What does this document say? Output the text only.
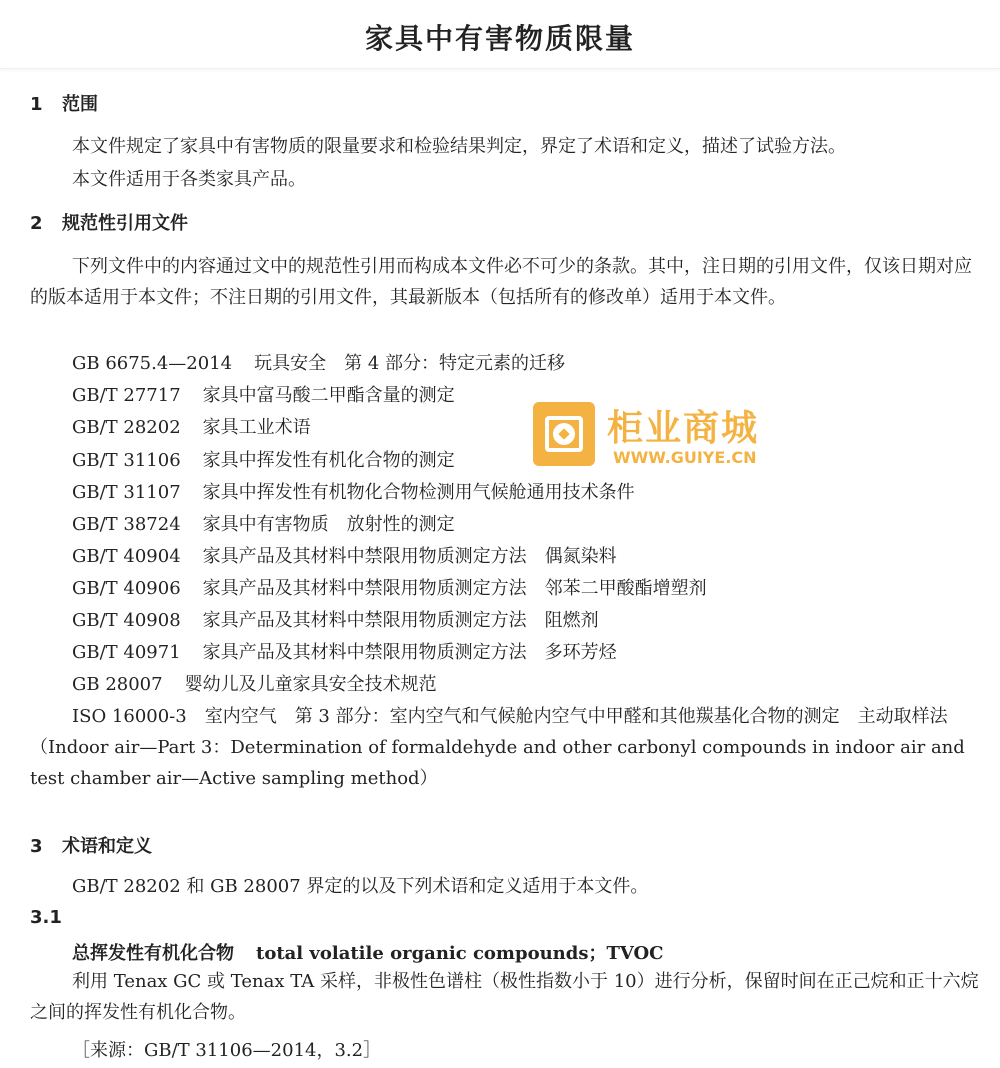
家具中有害物质限量
1 范围
本文件规定了家具中有害物质的限量要求和检验结果判定，界定了术语和定义，描述了试验方法。
本文件适用于各类家具产品。
2 规范性引用文件
下列文件中的内容通过文中的规范性引用而构成本文件必不可少的条款。其中，注日期的引用文件，仅该日期对应的版本适用于本文件；不注日期的引用文件，其最新版本（包括所有的修改单）适用于本文件。
GB 6675.4—2014 玩具安全　第 4 部分：特定元素的迁移
GB/T 27717 家具中富马酸二甲酯含量的测定
GB/T 28202 家具工业术语
GB/T 31106 家具中挥发性有机化合物的测定
GB/T 31107 家具中挥发性有机物化合物检测用气候舱通用技术条件
GB/T 38724 家具中有害物质　放射性的测定
GB/T 40904 家具产品及其材料中禁限用物质测定方法　偶氮染料
GB/T 40906 家具产品及其材料中禁限用物质测定方法　邻苯二甲酸酯增塑剂
GB/T 40908 家具产品及其材料中禁限用物质测定方法　阻燃剂
GB/T 40971 家具产品及其材料中禁限用物质测定方法　多环芳烃
GB 28007 婴幼儿及儿童家具安全技术规范
ISO 16000-3　室内空气　第 3 部分：室内空气和气候舱内空气中甲醛和其他羰基化合物的测定　主动取样法（Indoor air—Part 3：Determination of formaldehyde and other carbonyl compounds in indoor air and test chamber air—Active sampling method）
3 术语和定义
GB/T 28202 和 GB 28007 界定的以及下列术语和定义适用于本文件。
3.1
总挥发性有机化合物 total volatile organic compounds；TVOC
利用 Tenax GC 或 Tenax TA 采样，非极性色谱柱（极性指数小于 10）进行分析，保留时间在正己烷和正十六烷之间的挥发性有机化合物。
［来源：GB/T 31106—2014，3.2］
柜业商城
WWW.GUIYE.CN
